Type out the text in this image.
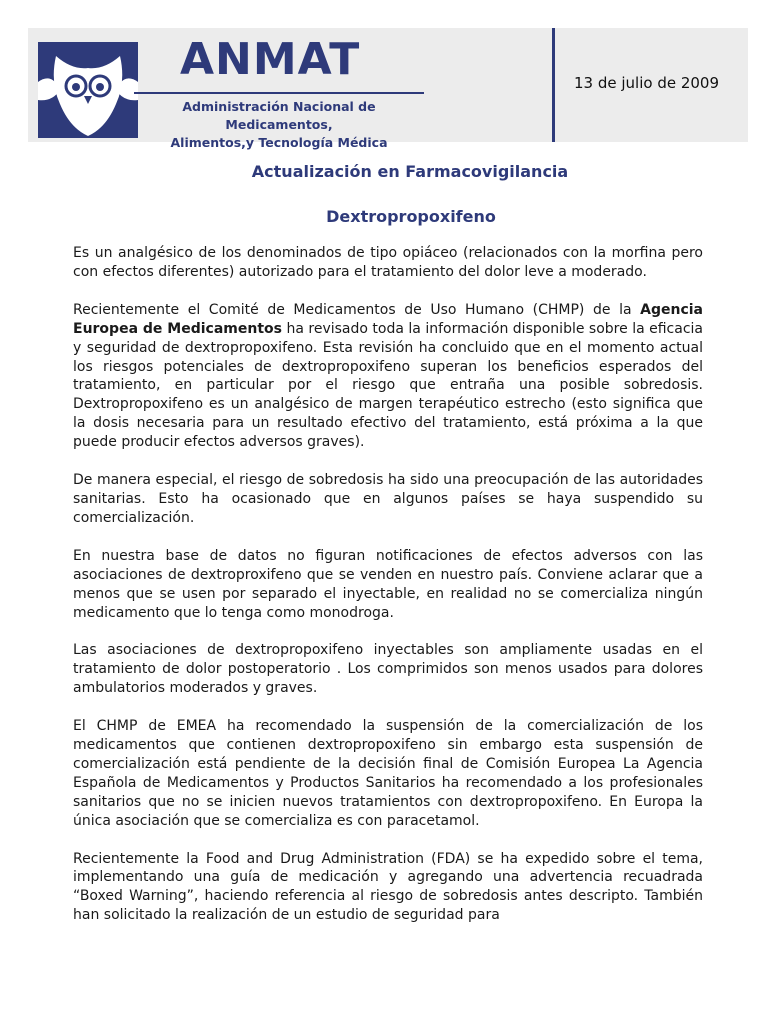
ANMAT
Administración Nacional de Medicamentos,
Alimentos,y Tecnología Médica
13 de julio de 2009
Actualización en Farmacovigilancia
Dextropropoxifeno

Es un analgésico de los denominados de tipo opiáceo (relacionados con la morfina pero con efectos diferentes) autorizado para el tratamiento del dolor leve a moderado.

Recientemente el Comité de Medicamentos de Uso Humano (CHMP) de la Agencia Europea de Medicamentos ha revisado toda la información disponible sobre la eficacia y seguridad de dextropropoxifeno. Esta revisión ha concluido que en el momento actual los riesgos potenciales de dextropropoxifeno superan los beneficios esperados del tratamiento, en particular por el riesgo que entraña una posible sobredosis. Dextropropoxifeno es un analgésico de margen terapéutico estrecho (esto significa que la dosis necesaria para un resultado efectivo del tratamiento, está próxima a la que puede producir efectos adversos graves).

De manera especial, el riesgo de sobredosis ha sido una preocupación de las autoridades sanitarias. Esto ha ocasionado que en algunos países se haya suspendido su comercialización.

En nuestra base de datos no figuran notificaciones de efectos adversos con las asociaciones de dextroproxifeno que se venden en nuestro país. Conviene aclarar que a menos que se usen por separado el inyectable, en realidad no se comercializa ningún medicamento que lo tenga como monodroga.

Las asociaciones de dextropropoxifeno inyectables son ampliamente usadas en el tratamiento de dolor postoperatorio . Los comprimidos son menos usados para dolores ambulatorios moderados y graves.

El CHMP de EMEA ha recomendado la suspensión de la comercialización de los medicamentos que contienen dextropropoxifeno sin embargo esta suspensión de comercialización está pendiente de la decisión final de Comisión Europea La Agencia Española de Medicamentos y Productos Sanitarios ha recomendado a los profesionales sanitarios que no se inicien nuevos tratamientos con dextropropoxifeno. En Europa la única asociación que se comercializa es con paracetamol.

Recientemente la Food and Drug Administration (FDA) se ha expedido sobre el tema, implementando una guía de medicación y agregando una advertencia recuadrada “Boxed Warning”, haciendo referencia al riesgo de sobredosis antes descripto. También han solicitado la realización de un estudio de seguridad para
